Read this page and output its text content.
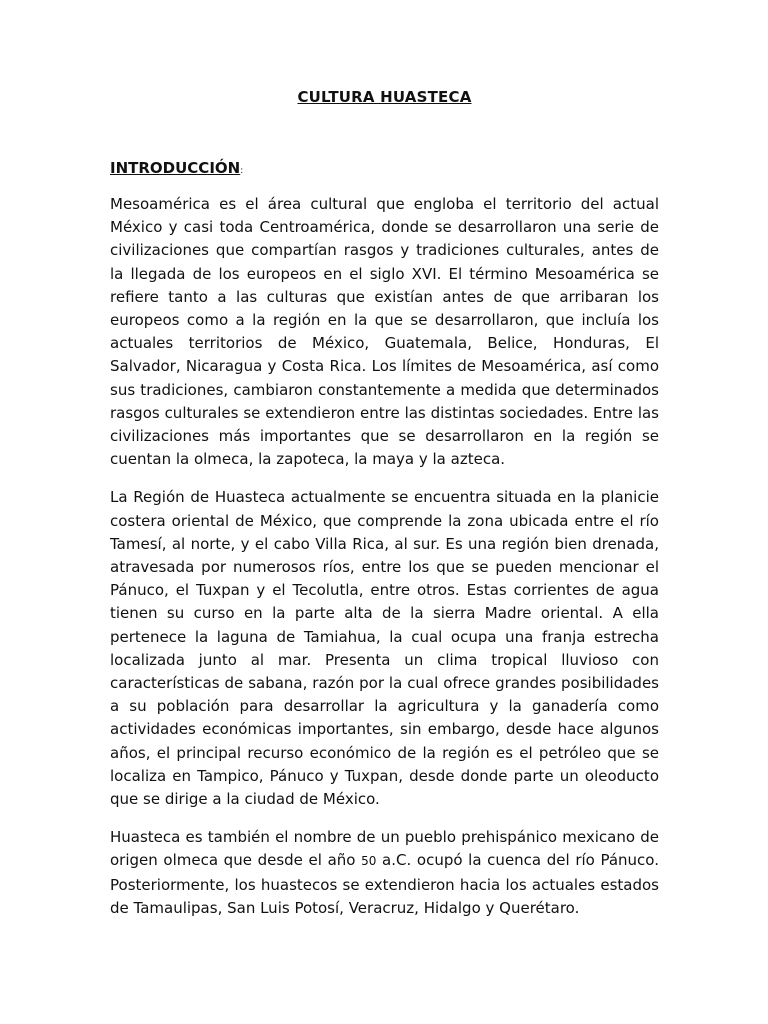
CULTURA HUASTECA
INTRODUCCIÓN:

Mesoamérica es el área cultural que engloba el territorio del actual México y casi toda Centroamérica, donde se desarrollaron una serie de civilizaciones que compartían rasgos y tradiciones culturales, antes de la llegada de los europeos en el siglo XVI. El término Mesoamérica se refiere tanto a las culturas que existían antes de que arribaran los europeos como a la región en la que se desarrollaron, que incluía los actuales territorios de México, Guatemala, Belice, Honduras, El Salvador, Nicaragua y Costa Rica. Los límites de Mesoamérica, así como sus tradiciones, cambiaron constantemente a medida que determinados rasgos culturales se extendieron entre las distintas sociedades. Entre las civilizaciones más importantes que se desarrollaron en la región se cuentan la olmeca, la zapoteca, la maya y la azteca.

La Región de Huasteca actualmente se encuentra situada en la planicie costera oriental de México, que comprende la zona ubicada entre el río Tamesí, al norte, y el cabo Villa Rica, al sur. Es una región bien drenada, atravesada por numerosos ríos, entre los que se pueden mencionar el Pánuco, el Tuxpan y el Tecolutla, entre otros. Estas corrientes de agua tienen su curso en la parte alta de la sierra Madre oriental. A ella pertenece la laguna de Tamiahua, la cual ocupa una franja estrecha localizada junto al mar. Presenta un clima tropical lluvioso con características de sabana, razón por la cual ofrece grandes posibilidades a su población para desarrollar la agricultura y la ganadería como actividades económicas importantes, sin embargo, desde hace algunos años, el principal recurso económico de la región es el petróleo que se localiza en Tampico, Pánuco y Tuxpan, desde donde parte un oleoducto que se dirige a la ciudad de México.

Huasteca es también el nombre de un pueblo prehispánico mexicano de origen olmeca que desde el año 50 a.C. ocupó la cuenca del río Pánuco. Posteriormente, los huastecos se extendieron hacia los actuales estados de Tamaulipas, San Luis Potosí, Veracruz, Hidalgo y Querétaro.
